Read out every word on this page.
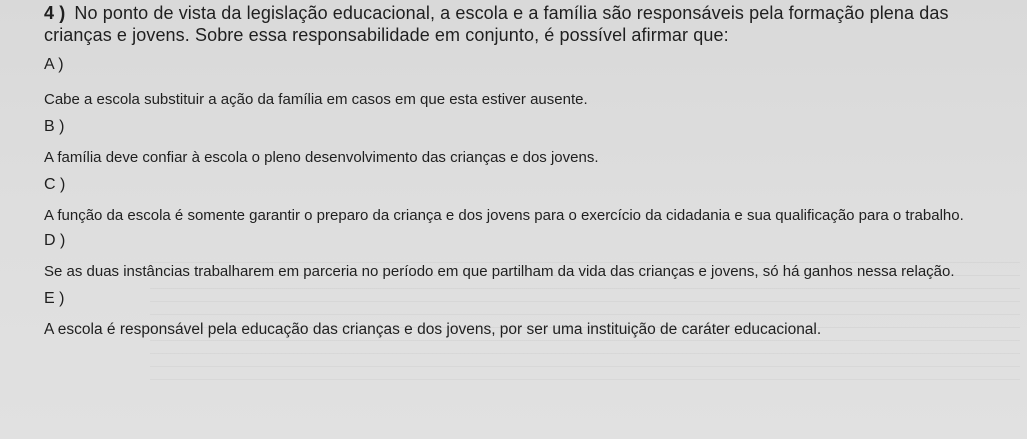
4 ) No ponto de vista da legislação educacional, a escola e a família são responsáveis pela formação plena das crianças e jovens. Sobre essa responsabilidade em conjunto, é possível afirmar que:

A )

Cabe a escola substituir a ação da família em casos em que esta estiver ausente.

B )

A família deve confiar à escola o pleno desenvolvimento das crianças e dos jovens.

C )

A função da escola é somente garantir o preparo da criança e dos jovens para o exercício da cidadania e sua qualificação para o trabalho.

D )

Se as duas instâncias trabalharem em parceria no período em que partilham da vida das crianças e jovens, só há ganhos nessa relação.

E )

A escola é responsável pela educação das crianças e dos jovens, por ser uma instituição de caráter educacional.
